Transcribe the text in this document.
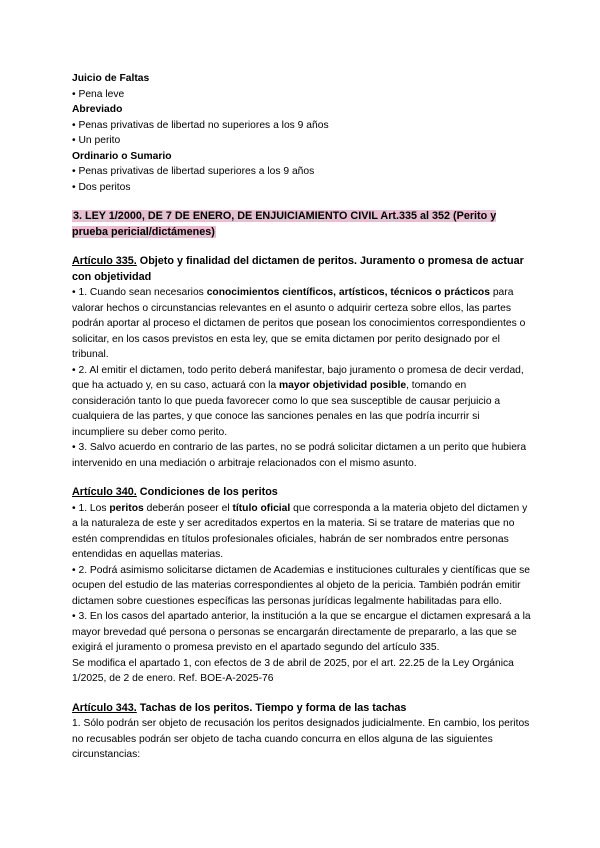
Juicio de Faltas
• Pena leve
Abreviado
• Penas privativas de libertad no superiores a los 9 años
• Un perito
Ordinario o Sumario
• Penas privativas de libertad superiores a los 9 años
• Dos peritos

3. LEY 1/2000, DE 7 DE ENERO, DE ENJUICIAMIENTO CIVIL Art.335 al 352 (Perito y prueba pericial/dictámenes)

Artículo 335. Objeto y finalidad del dictamen de peritos. Juramento o promesa de actuar con objetividad

• 1. Cuando sean necesarios conocimientos científicos, artísticos, técnicos o prácticos para valorar hechos o circunstancias relevantes en el asunto o adquirir certeza sobre ellos, las partes podrán aportar al proceso el dictamen de peritos que posean los conocimientos correspondientes o solicitar, en los casos previstos en esta ley, que se emita dictamen por perito designado por el tribunal.

• 2. Al emitir el dictamen, todo perito deberá manifestar, bajo juramento o promesa de decir verdad, que ha actuado y, en su caso, actuará con la mayor objetividad posible, tomando en consideración tanto lo que pueda favorecer como lo que sea susceptible de causar perjuicio a cualquiera de las partes, y que conoce las sanciones penales en las que podría incurrir si incumpliere su deber como perito.

• 3. Salvo acuerdo en contrario de las partes, no se podrá solicitar dictamen a un perito que hubiera intervenido en una mediación o arbitraje relacionados con el mismo asunto.

Artículo 340. Condiciones de los peritos

• 1. Los peritos deberán poseer el título oficial que corresponda a la materia objeto del dictamen y a la naturaleza de este y ser acreditados expertos en la materia. Si se tratare de materias que no estén comprendidas en títulos profesionales oficiales, habrán de ser nombrados entre personas entendidas en aquellas materias.

• 2. Podrá asimismo solicitarse dictamen de Academias e instituciones culturales y científicas que se ocupen del estudio de las materias correspondientes al objeto de la pericia. También podrán emitir dictamen sobre cuestiones específicas las personas jurídicas legalmente habilitadas para ello.

• 3. En los casos del apartado anterior, la institución a la que se encargue el dictamen expresará a la mayor brevedad qué persona o personas se encargarán directamente de prepararlo, a las que se exigirá el juramento o promesa previsto en el apartado segundo del artículo 335.

Se modifica el apartado 1, con efectos de 3 de abril de 2025, por el art. 22.25 de la Ley Orgánica 1/2025, de 2 de enero. Ref. BOE-A-2025-76

Artículo 343. Tachas de los peritos. Tiempo y forma de las tachas

1. Sólo podrán ser objeto de recusación los peritos designados judicialmente. En cambio, los peritos no recusables podrán ser objeto de tacha cuando concurra en ellos alguna de las siguientes circunstancias:
